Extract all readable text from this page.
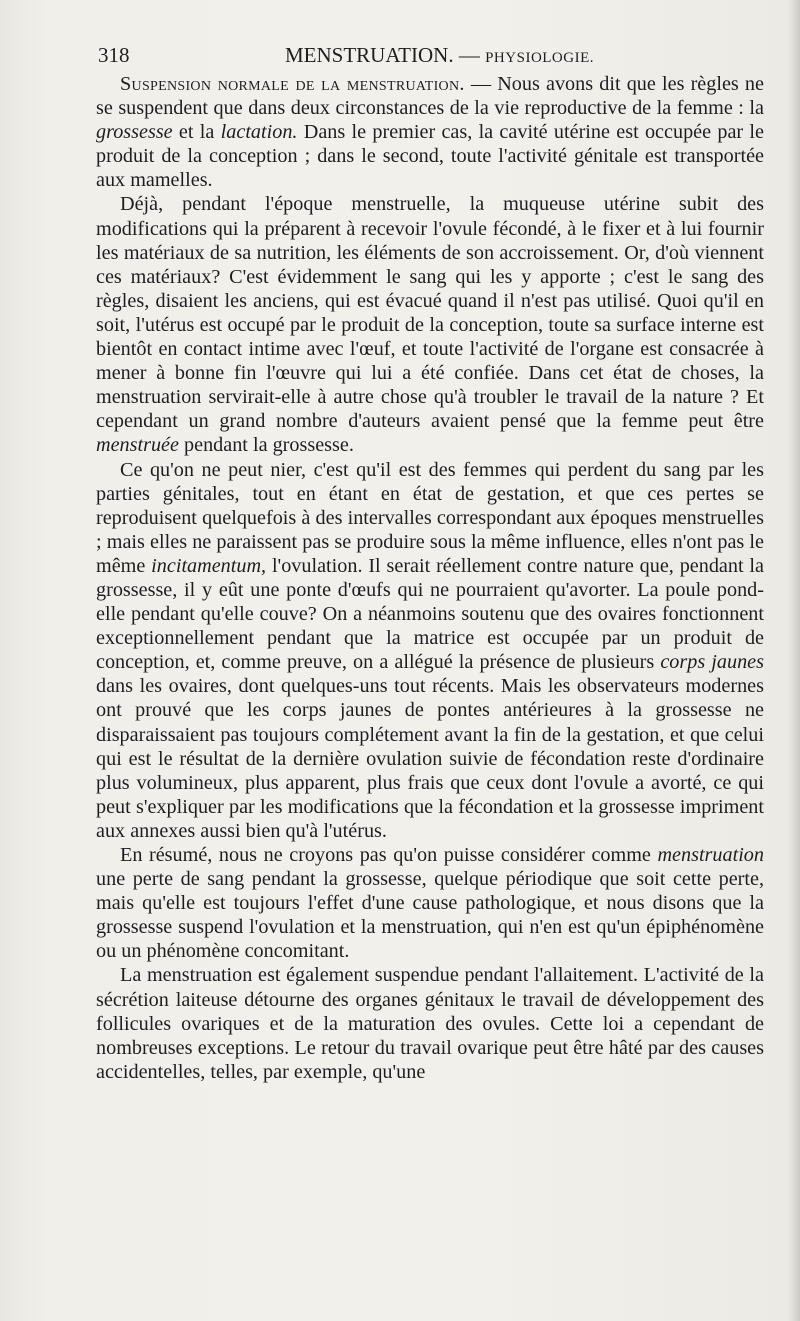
318	MENSTRUATION. — PHYSIOLOGIE.

Suspension normale de la menstruation. — Nous avons dit que les règles ne se suspendent que dans deux circonstances de la vie reproductive de la femme : la grossesse et la lactation. Dans le premier cas, la cavité utérine est occupée par le produit de la conception ; dans le second, toute l'activité génitale est transportée aux mamelles.

Déjà, pendant l'époque menstruelle, la muqueuse utérine subit des modifications qui la préparent à recevoir l'ovule fécondé, à le fixer et à lui fournir les matériaux de sa nutrition, les éléments de son accroissement. Or, d'où viennent ces matériaux? C'est évidemment le sang qui les y apporte ; c'est le sang des règles, disaient les anciens, qui est évacué quand il n'est pas utilisé. Quoi qu'il en soit, l'utérus est occupé par le produit de la conception, toute sa surface interne est bientôt en contact intime avec l'œuf, et toute l'activité de l'organe est consacrée à mener à bonne fin l'œuvre qui lui a été confiée. Dans cet état de choses, la menstruation servirait-elle à autre chose qu'à troubler le travail de la nature ? Et cependant un grand nombre d'auteurs avaient pensé que la femme peut être menstruée pendant la grossesse.

Ce qu'on ne peut nier, c'est qu'il est des femmes qui perdent du sang par les parties génitales, tout en étant en état de gestation, et que ces pertes se reproduisent quelquefois à des intervalles correspondant aux époques menstruelles ; mais elles ne paraissent pas se produire sous la même influence, elles n'ont pas le même incitamentum, l'ovulation. Il serait réellement contre nature que, pendant la grossesse, il y eût une ponte d'œufs qui ne pourraient qu'avorter. La poule pond-elle pendant qu'elle couve? On a néanmoins soutenu que des ovaires fonctionnent exceptionnellement pendant que la matrice est occupée par un produit de conception, et, comme preuve, on a allégué la présence de plusieurs corps jaunes dans les ovaires, dont quelques-uns tout récents. Mais les observateurs modernes ont prouvé que les corps jaunes de pontes antérieures à la grossesse ne disparaissaient pas toujours complétement avant la fin de la gestation, et que celui qui est le résultat de la dernière ovulation suivie de fécondation reste d'ordinaire plus volumineux, plus apparent, plus frais que ceux dont l'ovule a avorté, ce qui peut s'expliquer par les modifications que la fécondation et la grossesse impriment aux annexes aussi bien qu'à l'utérus.

En résumé, nous ne croyons pas qu'on puisse considérer comme menstruation une perte de sang pendant la grossesse, quelque périodique que soit cette perte, mais qu'elle est toujours l'effet d'une cause pathologique, et nous disons que la grossesse suspend l'ovulation et la menstruation, qui n'en est qu'un épiphénomène ou un phénomène concomitant.

La menstruation est également suspendue pendant l'allaitement. L'activité de la sécrétion laiteuse détourne des organes génitaux le travail de développement des follicules ovariques et de la maturation des ovules. Cette loi a cependant de nombreuses exceptions. Le retour du travail ovarique peut être hâté par des causes accidentelles, telles, par exemple, qu'une
